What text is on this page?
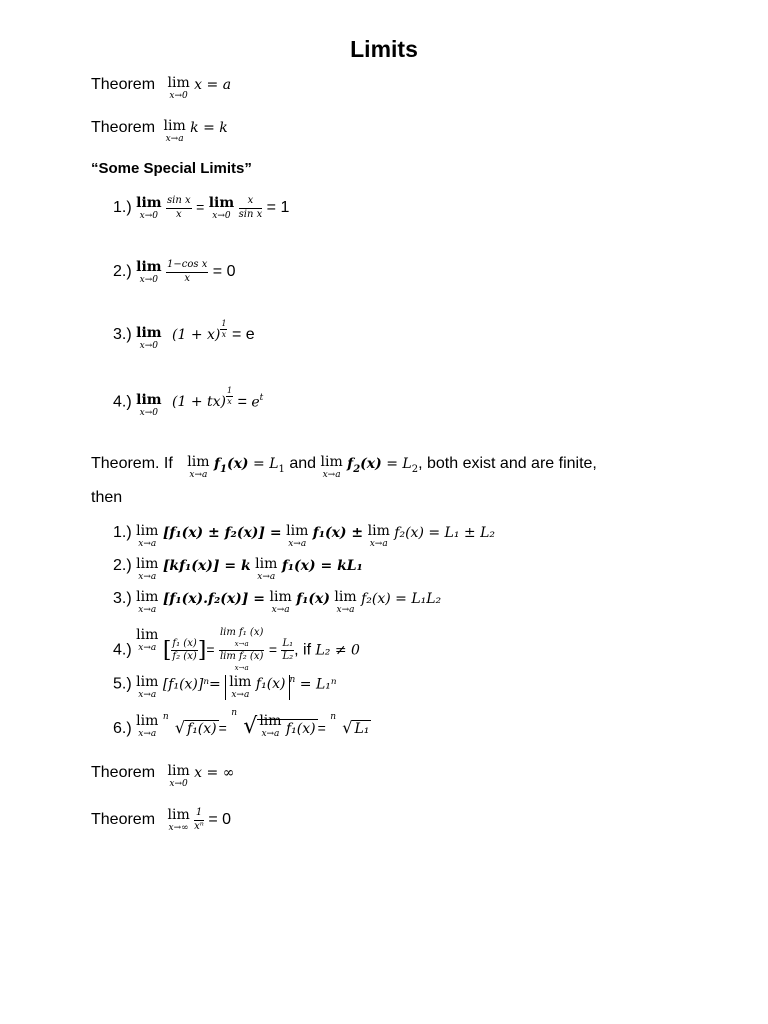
Limits
Theorem lim
x→0
x = a
Theorem lim
x→a
k = k
“Some Special Limits”
1.) lim
x→0
$\frac{\text{sin x}}{x} = \lim$
x→0
$\frac{x}{\text{sin x}} = 1$
2.) lim
x→0
$\frac{\text{1−cos x}}{x} = 0$
3.) lim
x→0
$(1 + x) \frac{1}{x} = e$
4.) lim
x→0
$(1 + tx) \frac{1}{x} = e^t$
Theorem. If lim
x→a
$f_1(x) = L_1$ and lim
x→a
$f_2(x) = L_2$, both exist and are finite,
then
1.) lim
x→a
[f₁(x) ± f₂(x)] = lim
x→a
f₁(x) ± lim
x→a
f₂(x) = L₁ ± L₂
2.) lim
x→a
[kf₁(x)] = k lim
x→a
f₁(x) = kL₁
3.) lim
x→a
[f₁(x).f₂(x)] = lim
x→a
f₁(x) lim
x→a
f₂(x) = L₁L₂
4.)
lim
x→a [ $\frac{\text{f₁ (x)}}{\text{f₂ (x)}}$ ]=
lim f₁ (x)
x→a
lim f₂ (x)
x→a
= $\frac{\text{L₁}}{\text{L₂}}$ , if L₂ ≠ 0
5.) lim
x→a
[f₁(x)]ⁿ= lim
x→a
f₁(x) $^n$ = L₁ⁿ
6.) lim
x→a

n
√ f₁(x) =
n
√ lim
x→a f₁(x) =
n
√ L₁
Theorem lim
x→0
x = ∞
Theorem lim
x→∞
$\frac{1}{\text{xⁿ}} = 0$
